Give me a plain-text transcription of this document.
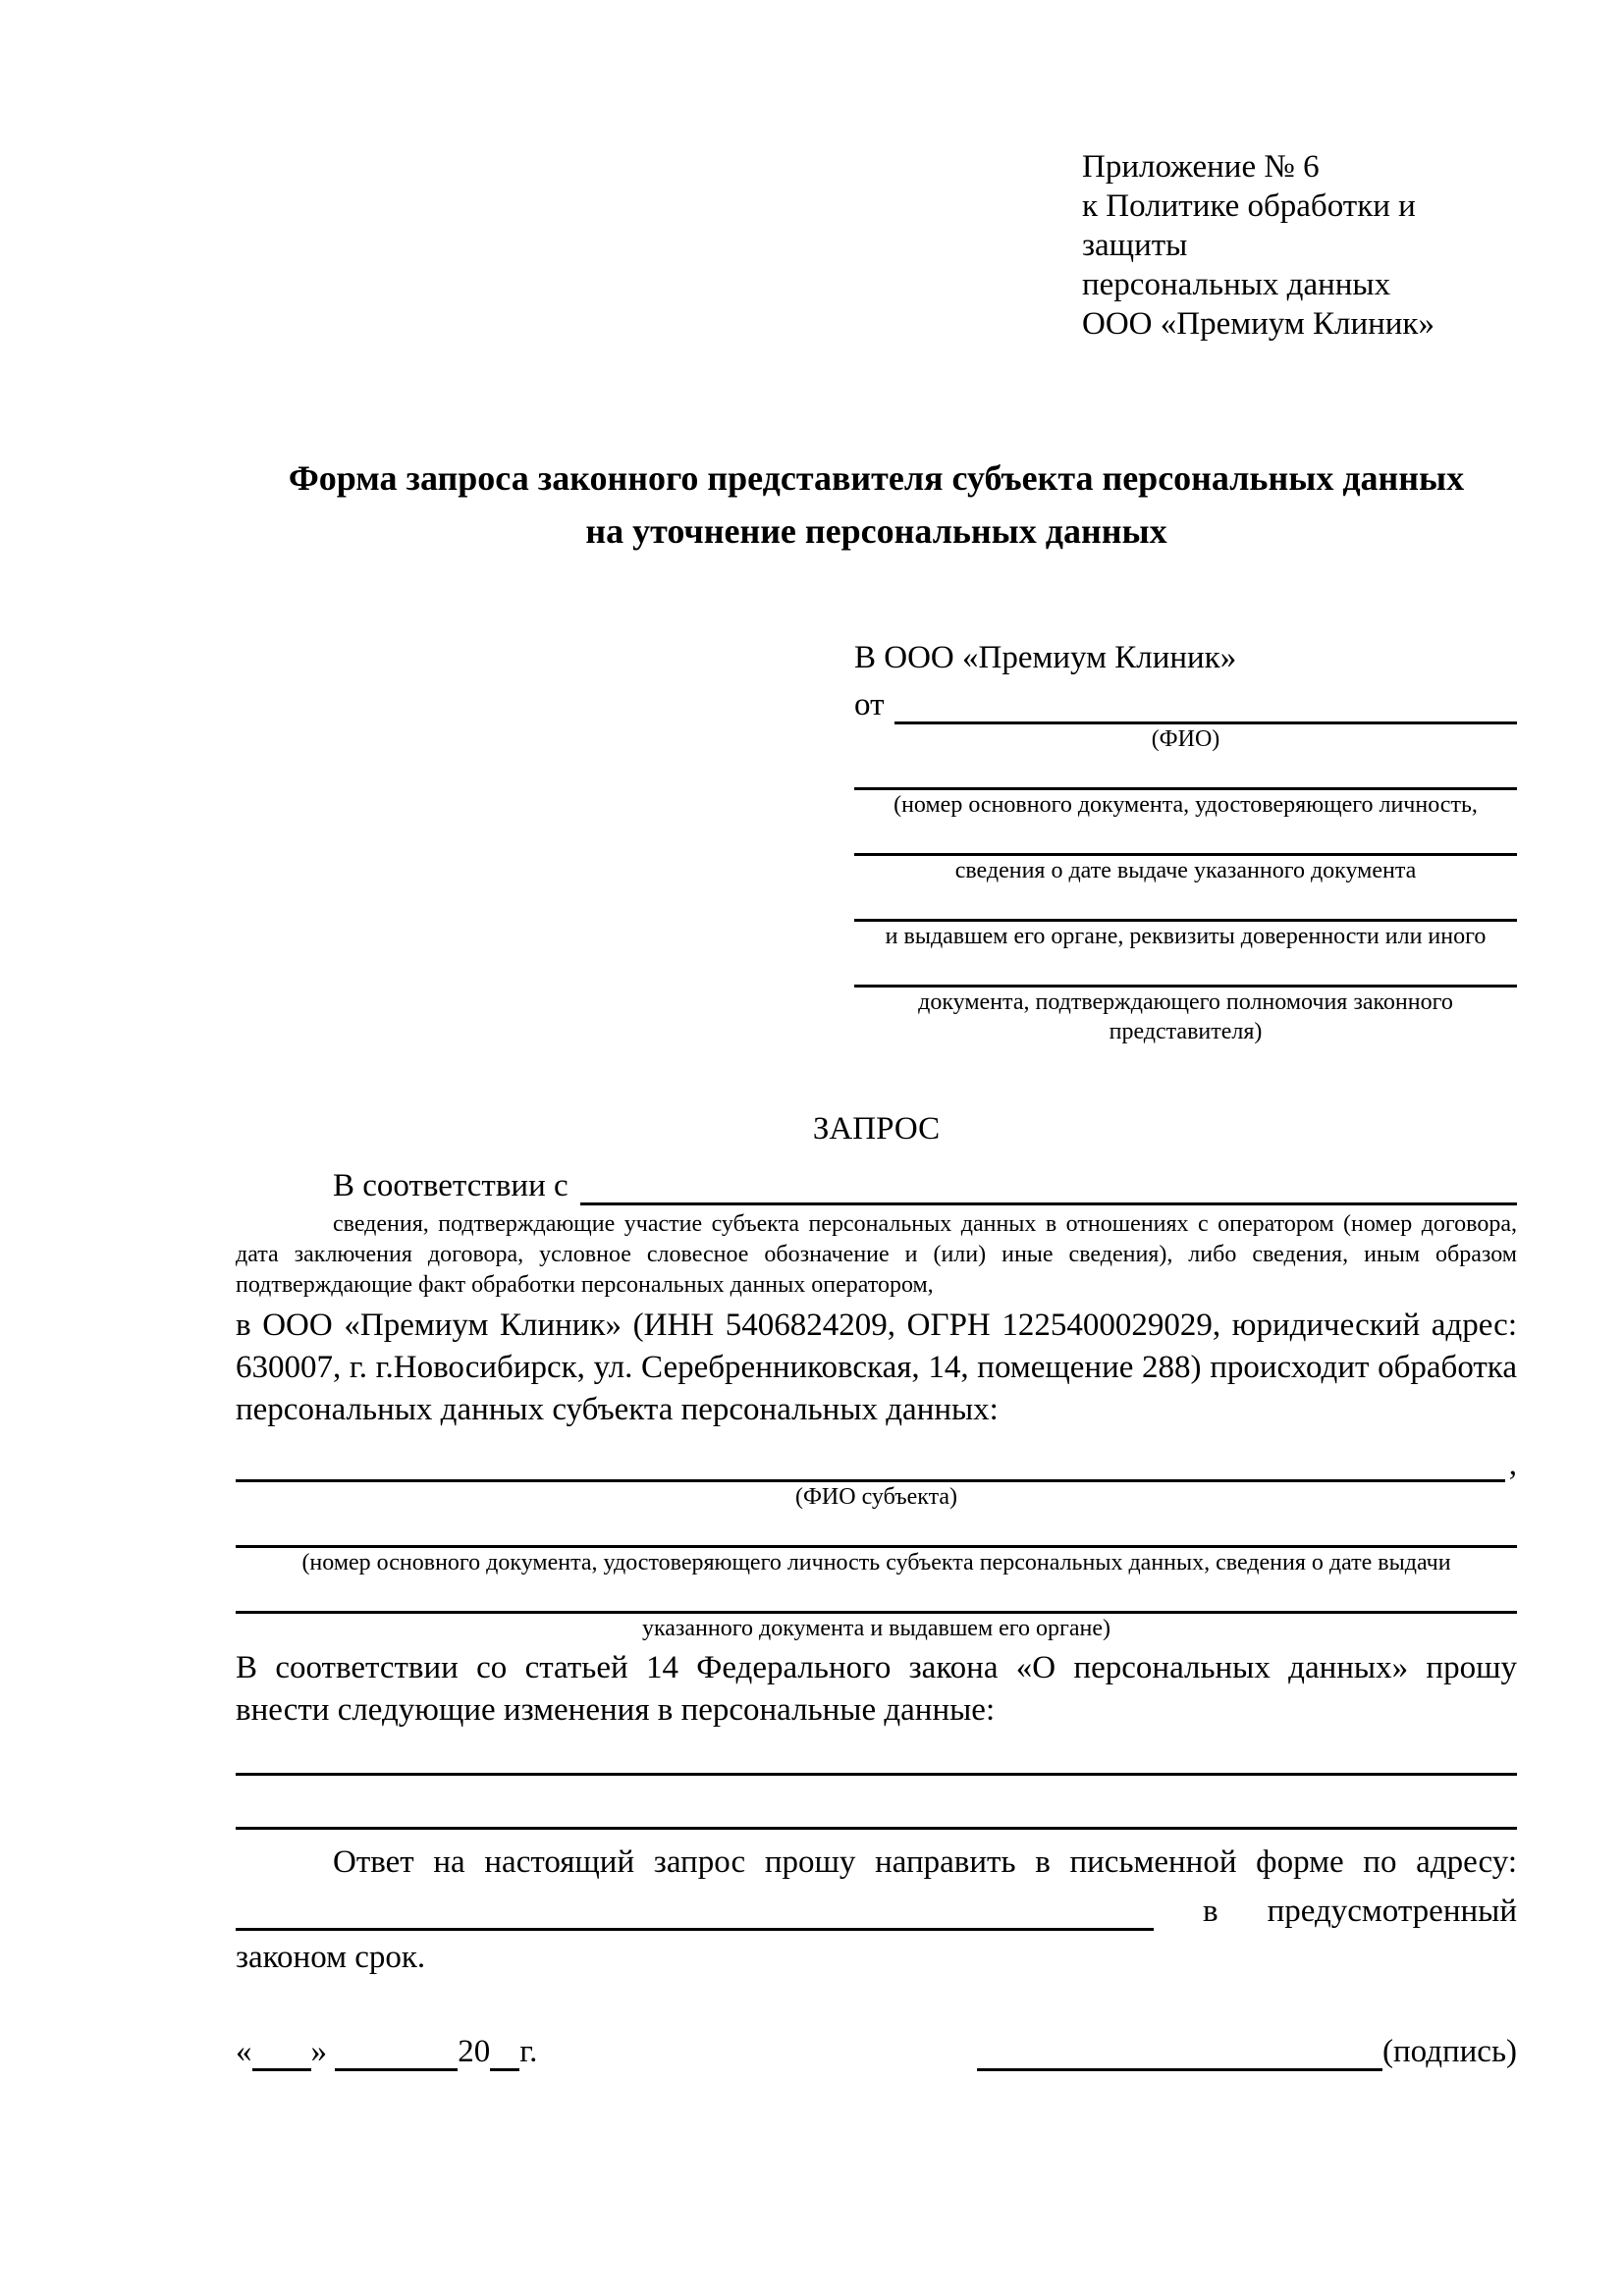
Приложение № 6
к Политике обработки и защиты
персональных данных
ООО «Премиум Клиник»
Форма запроса законного представителя субъекта персональных данных
на уточнение персональных данных
В ООО «Премиум Клиник»
от
(ФИО)
(номер основного документа, удостоверяющего личность,
сведения о дате выдаче указанного документа
и выдавшем его органе, реквизиты доверенности или иного
документа, подтверждающего полномочия законного представителя)
ЗАПРОС
В соответствии с
сведения, подтверждающие участие субъекта персональных данных в отношениях с оператором (номер договора, дата заключения договора, условное словесное обозначение и (или) иные сведения), либо сведения, иным образом подтверждающие факт обработки персональных данных оператором,
в ООО «Премиум Клиник» (ИНН 5406824209, ОГРН 1225400029029, юридический адрес: 630007, г. г.Новосибирск, ул. Серебренниковская, 14, помещение 288) происходит обработка персональных данных субъекта персональных данных:
,
(ФИО субъекта)
(номер основного документа, удостоверяющего личность субъекта персональных данных, сведения о дате выдачи
указанного документа и выдавшем его органе)
В соответствии со статьей 14 Федерального закона «О персональных данных» прошу внести следующие изменения в персональные данные:
Ответ на настоящий запрос прошу направить в письменной форме по адресу:
в предусмотренный
законом срок.
« »
	20 г.	(подпись)
